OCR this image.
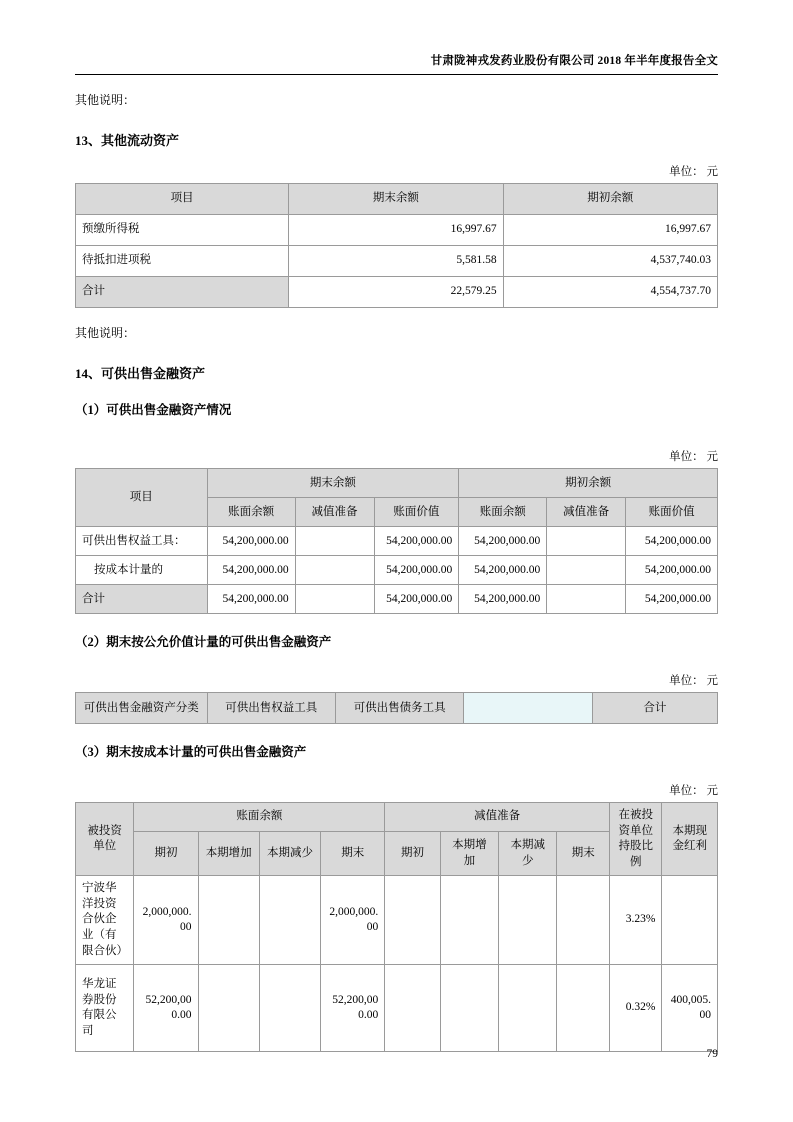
甘肃陇神戎发药业股份有限公司 2018 年半年度报告全文
其他说明：
13、其他流动资产
单位： 元
项目	期末余额	期初余额
预缴所得税	16,997.67	16,997.67
待抵扣进项税	5,581.58	4,537,740.03
合计	22,579.25	4,554,737.70
其他说明：
14、可供出售金融资产
（1）可供出售金融资产情况
单位： 元
项目	期末余额			期初余额		
	账面余额	减值准备	账面价值	账面余额	减值准备	账面价值
可供出售权益工具：	54,200,000.00		54,200,000.00	54,200,000.00		54,200,000.00
按成本计量的	54,200,000.00		54,200,000.00	54,200,000.00		54,200,000.00
合计	54,200,000.00		54,200,000.00	54,200,000.00		54,200,000.00
（2）期末按公允价值计量的可供出售金融资产
单位： 元
可供出售金融资产分类	可供出售权益工具	可供出售债务工具		合计
（3）期末按成本计量的可供出售金融资产
单位： 元
被投资单位	账面余额				减值准备				在被投资单位持股比例	本期现金红利
	期初	本期增加	本期减少	期末	期初	本期增加	本期减少	期末		
宁波华洋投资合伙企业（有限合伙）	2,000,000.00			2,000,000.00					3.23%	
华龙证券股份有限公司	52,200,000.00			52,200,000.00					0.32%	400,005.00
79
